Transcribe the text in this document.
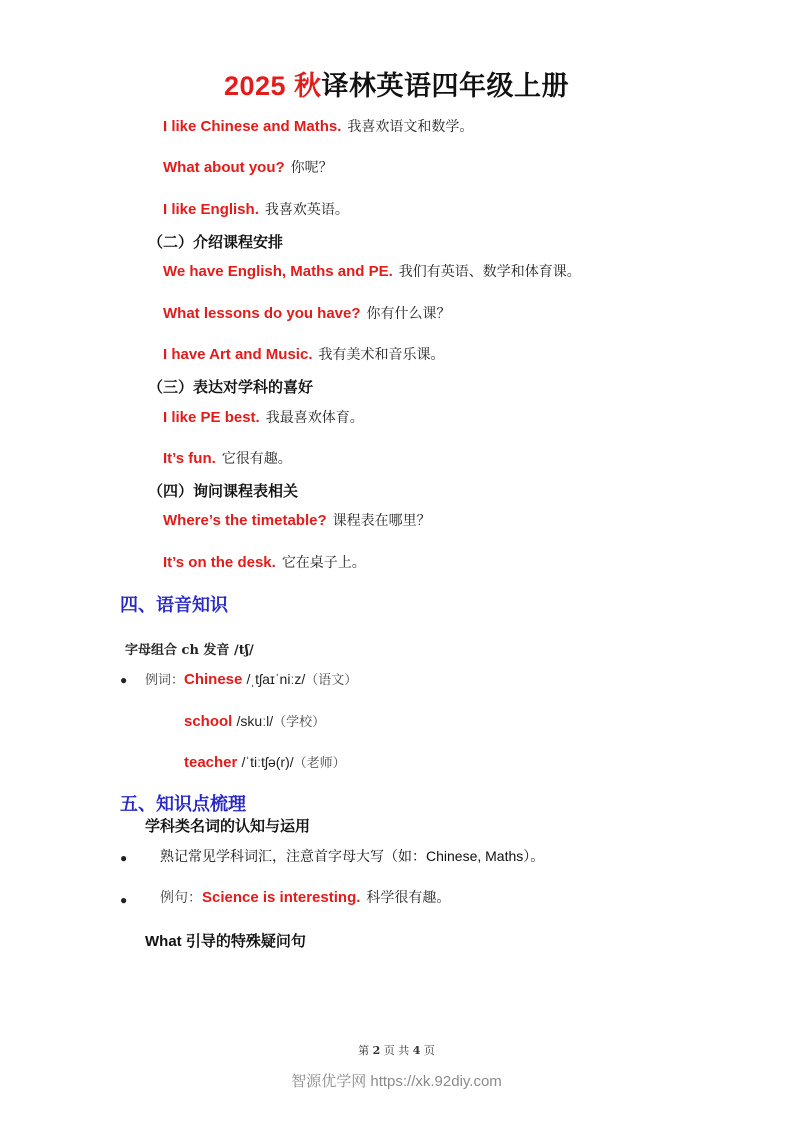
2025 秋译林英语四年级上册
I like Chinese and Maths. 我喜欢语文和数学。
What about you? 你呢？
I like English. 我喜欢英语。
（二）介绍课程安排
We have English, Maths and PE. 我们有英语、数学和体育课。
What lessons do you have? 你有什么课？
I have Art and Music. 我有美术和音乐课。
（三）表达对学科的喜好
I like PE best. 我最喜欢体育。
It’s fun. 它很有趣。
（四）询问课程表相关
Where’s the timetable? 课程表在哪里？
It’s on the desk. 它在桌子上。
四、语音知识
字母组合 ch 发音 /tʃ/
● 例词：Chinese /ˌtʃaɪˈniːz/（语文）
school /skuːl/（学校）
teacher /ˈtiːtʃə(r)/（老师）
五、知识点梳理
学科类名词的认知与运用
● 熟记常见学科词汇，注意首字母大写（如：Chinese, Maths）。
● 例句：Science is interesting. 科学很有趣。
What 引导的特殊疑问句
第 2 页 共 4 页
智源优学网 https://xk.92diy.com
